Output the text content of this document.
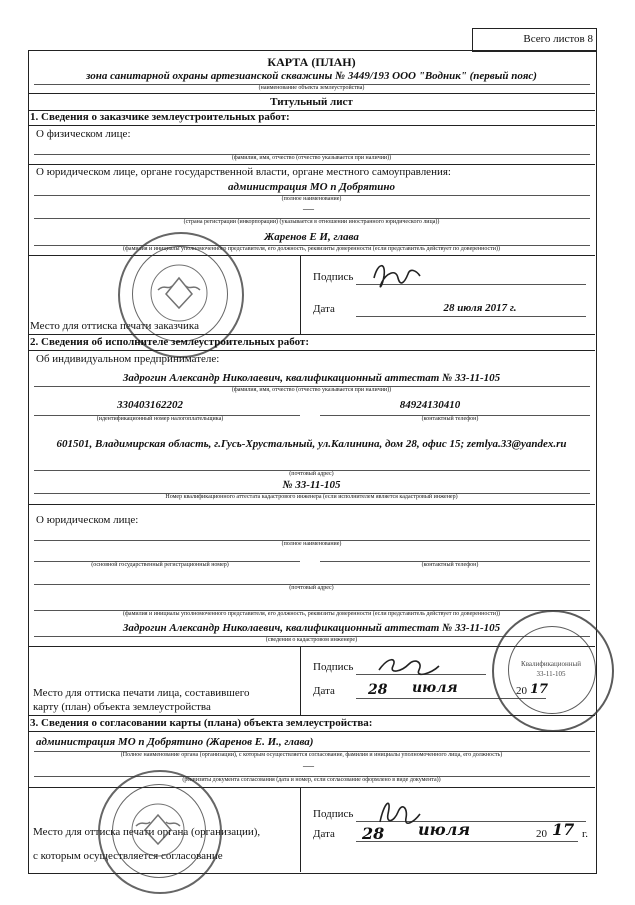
Всего листов 8
КАРТА (ПЛАН)
зона санитарной охраны артезианской скважины № 3449/193 ООО "Водник" (первый пояс)
(наименование объекта землеустройства)
Титульный лист
1. Сведения о заказчике землеустроительных работ:
О физическом лице:
(фамилия, имя, отчество (отчество указывается при наличии))
О юридическом лице, органе государственной власти, органе местного самоуправления:
администрация МО п Добрятино
(полное наименование)
—
(страна регистрации (инкорпорации) (указывается в отношении иностранного юридического лица))
Жаренов Е И, глава
(фамилия и инициалы уполномоченного представителя, его должность, реквизиты доверенности (если представитель действует по доверенности))
Подпись
Дата	28 июля 2017 г.
Место для оттиска печати заказчика
2. Сведения об исполнителе землеустроительных работ:
Об индивидуальном предпринимателе:
Задрогин Александр Николаевич, квалификационный аттестат № 33-11-105
(фамилия, имя, отчество (отчество указывается при наличии))
330403162202	84924130410
(идентификационный номер налогоплательщика)	(контактный телефон)
601501, Владимирская область, г.Гусь-Хрустальный, ул.Калинина, дом 28, офис 15; zemlya.33@yandex.ru
(почтовый адрес)
№ 33-11-105
Номер квалификационного аттестата кадастрового инженера (если исполнителем является кадастровый инженер)
О юридическом лице:
(полное наименование)
(основной государственный регистрационный номер)	(контактный телефон)
(почтовый адрес)
(фамилия и инициалы уполномоченного представителя, его должность, реквизиты доверенности (если представитель действует по доверенности))
Задрогин Александр Николаевич, квалификационный аттестат № 33-11-105
(сведения о кадастровом инженере)
Место для оттиска печати лица, составившего
карту (план) объекта землеустройства
Подпись
Дата 28 июля	20 17
Квалификационный
33-11-105
3. Сведения о согласовании карты (плана) объекта землеустройства:
администрация МО п Добрятино (Жаренов Е. И., глава)
(Полное наименование органа (организации), с которым осуществляется согласование, фамилия и инициалы уполномоченного лица, его должность)
—
(реквизиты документа согласования (дата и номер, если согласование оформлено в виде документа))
Место для оттиска печати органа (организации),
с которым осуществляется согласование
Подпись
Дата 28 июля	20 17 г.
